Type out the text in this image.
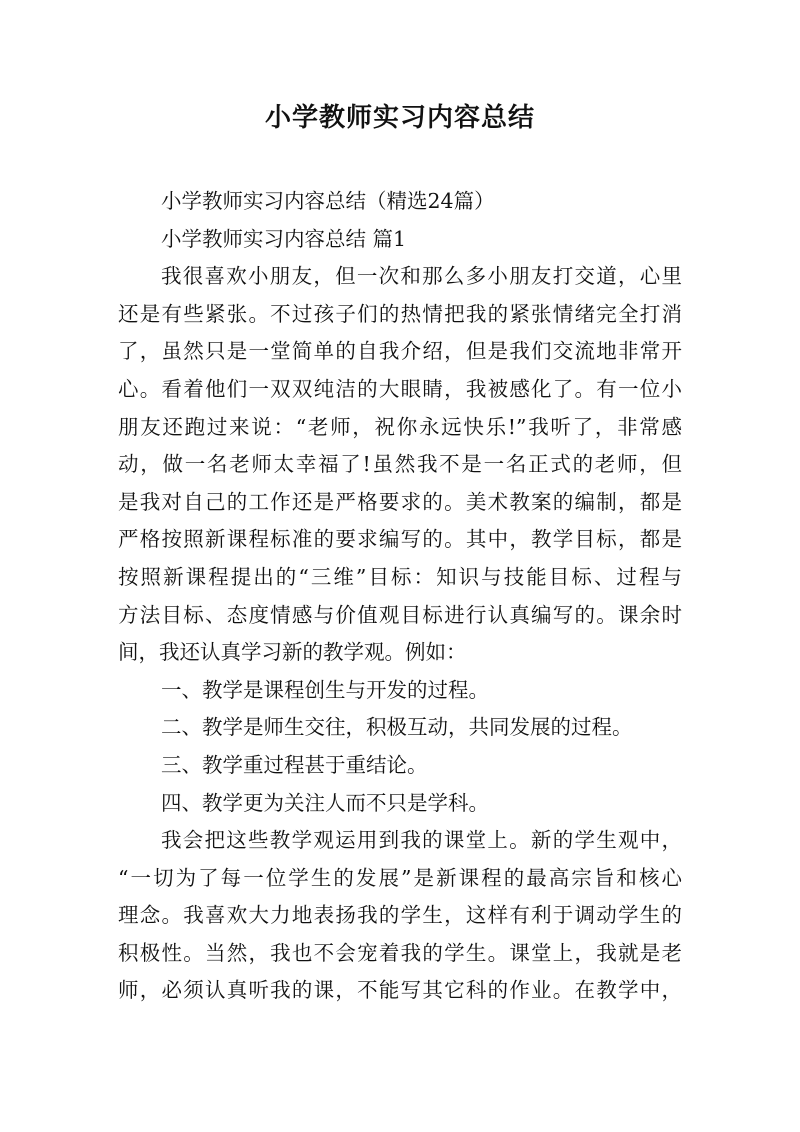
小学教师实习内容总结
小学教师实习内容总结（精选24篇）
小学教师实习内容总结 篇1
我很喜欢小朋友，但一次和那么多小朋友打交道，心里
还是有些紧张。不过孩子们的热情把我的紧张情绪完全打消
了，虽然只是一堂简单的自我介绍，但是我们交流地非常开
心。看着他们一双双纯洁的大眼睛，我被感化了。有一位小
朋友还跑过来说：“老师，祝你永远快乐!”我听了，非常感
动，做一名老师太幸福了!虽然我不是一名正式的老师，但
是我对自己的工作还是严格要求的。美术教案的编制，都是
严格按照新课程标准的要求编写的。其中，教学目标，都是
按照新课程提出的“三维”目标：知识与技能目标、过程与
方法目标、态度情感与价值观目标进行认真编写的。课余时
间，我还认真学习新的教学观。例如：
一、教学是课程创生与开发的过程。
二、教学是师生交往，积极互动，共同发展的过程。
三、教学重过程甚于重结论。
四、教学更为关注人而不只是学科。
我会把这些教学观运用到我的课堂上。新的学生观中，
“一切为了每一位学生的发展”是新课程的最高宗旨和核心
理念。我喜欢大力地表扬我的学生，这样有利于调动学生的
积极性。当然，我也不会宠着我的学生。课堂上，我就是老
师，必须认真听我的课，不能写其它科的作业。在教学中，
